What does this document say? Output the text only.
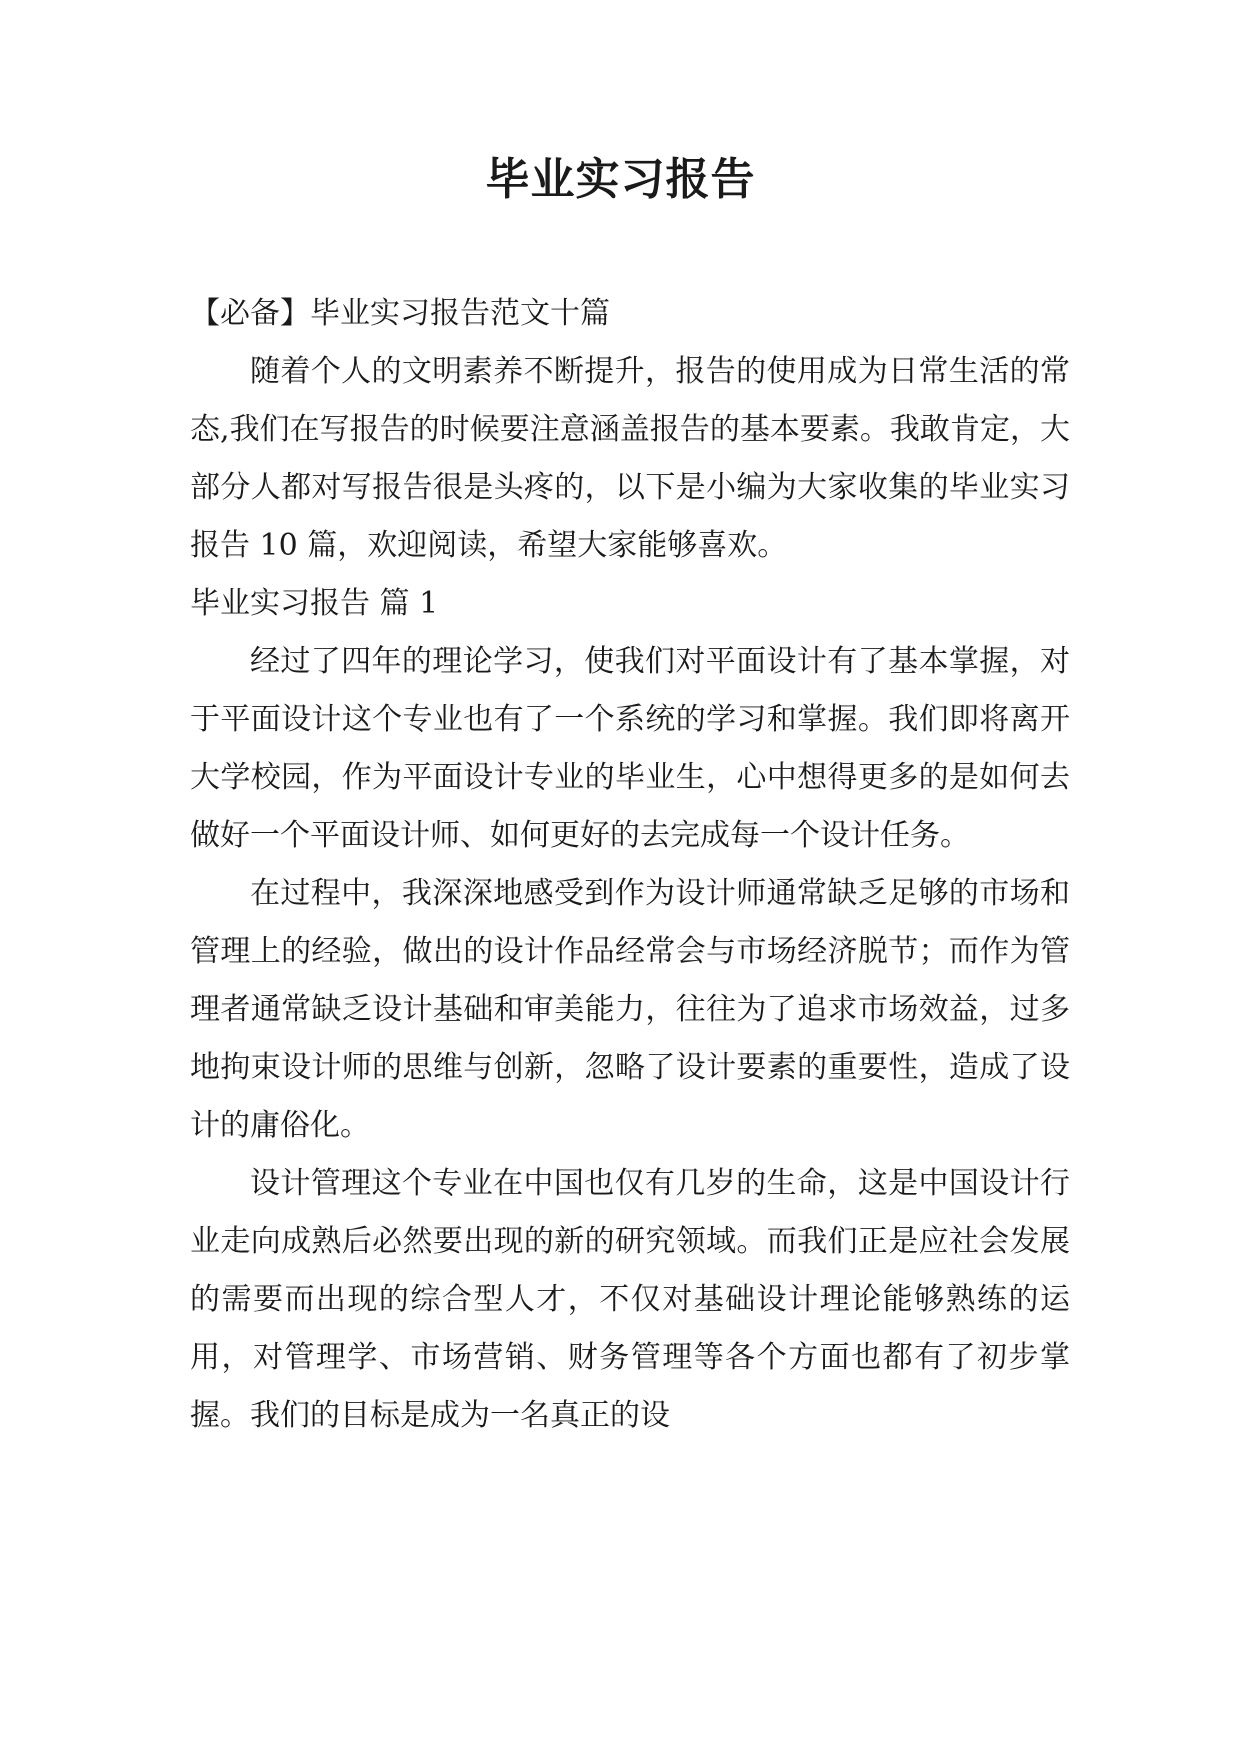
毕业实习报告

【必备】毕业实习报告范文十篇

随着个人的文明素养不断提升，报告的使用成为日常生活的常态,我们在写报告的时候要注意涵盖报告的基本要素。我敢肯定，大部分人都对写报告很是头疼的，以下是小编为大家收集的毕业实习报告 10 篇，欢迎阅读，希望大家能够喜欢。

毕业实习报告 篇 1

经过了四年的理论学习，使我们对平面设计有了基本掌握，对于平面设计这个专业也有了一个系统的学习和掌握。我们即将离开大学校园，作为平面设计专业的毕业生，心中想得更多的是如何去做好一个平面设计师、如何更好的去完成每一个设计任务。

在过程中，我深深地感受到作为设计师通常缺乏足够的市场和管理上的经验，做出的设计作品经常会与市场经济脱节；而作为管理者通常缺乏设计基础和审美能力，往往为了追求市场效益，过多地拘束设计师的思维与创新，忽略了设计要素的重要性，造成了设计的庸俗化。

设计管理这个专业在中国也仅有几岁的生命，这是中国设计行业走向成熟后必然要出现的新的研究领域。而我们正是应社会发展的需要而出现的综合型人才，不仅对基础设计理论能够熟练的运用，对管理学、市场营销、财务管理等各个方面也都有了初步掌握。我们的目标是成为一名真正的设
